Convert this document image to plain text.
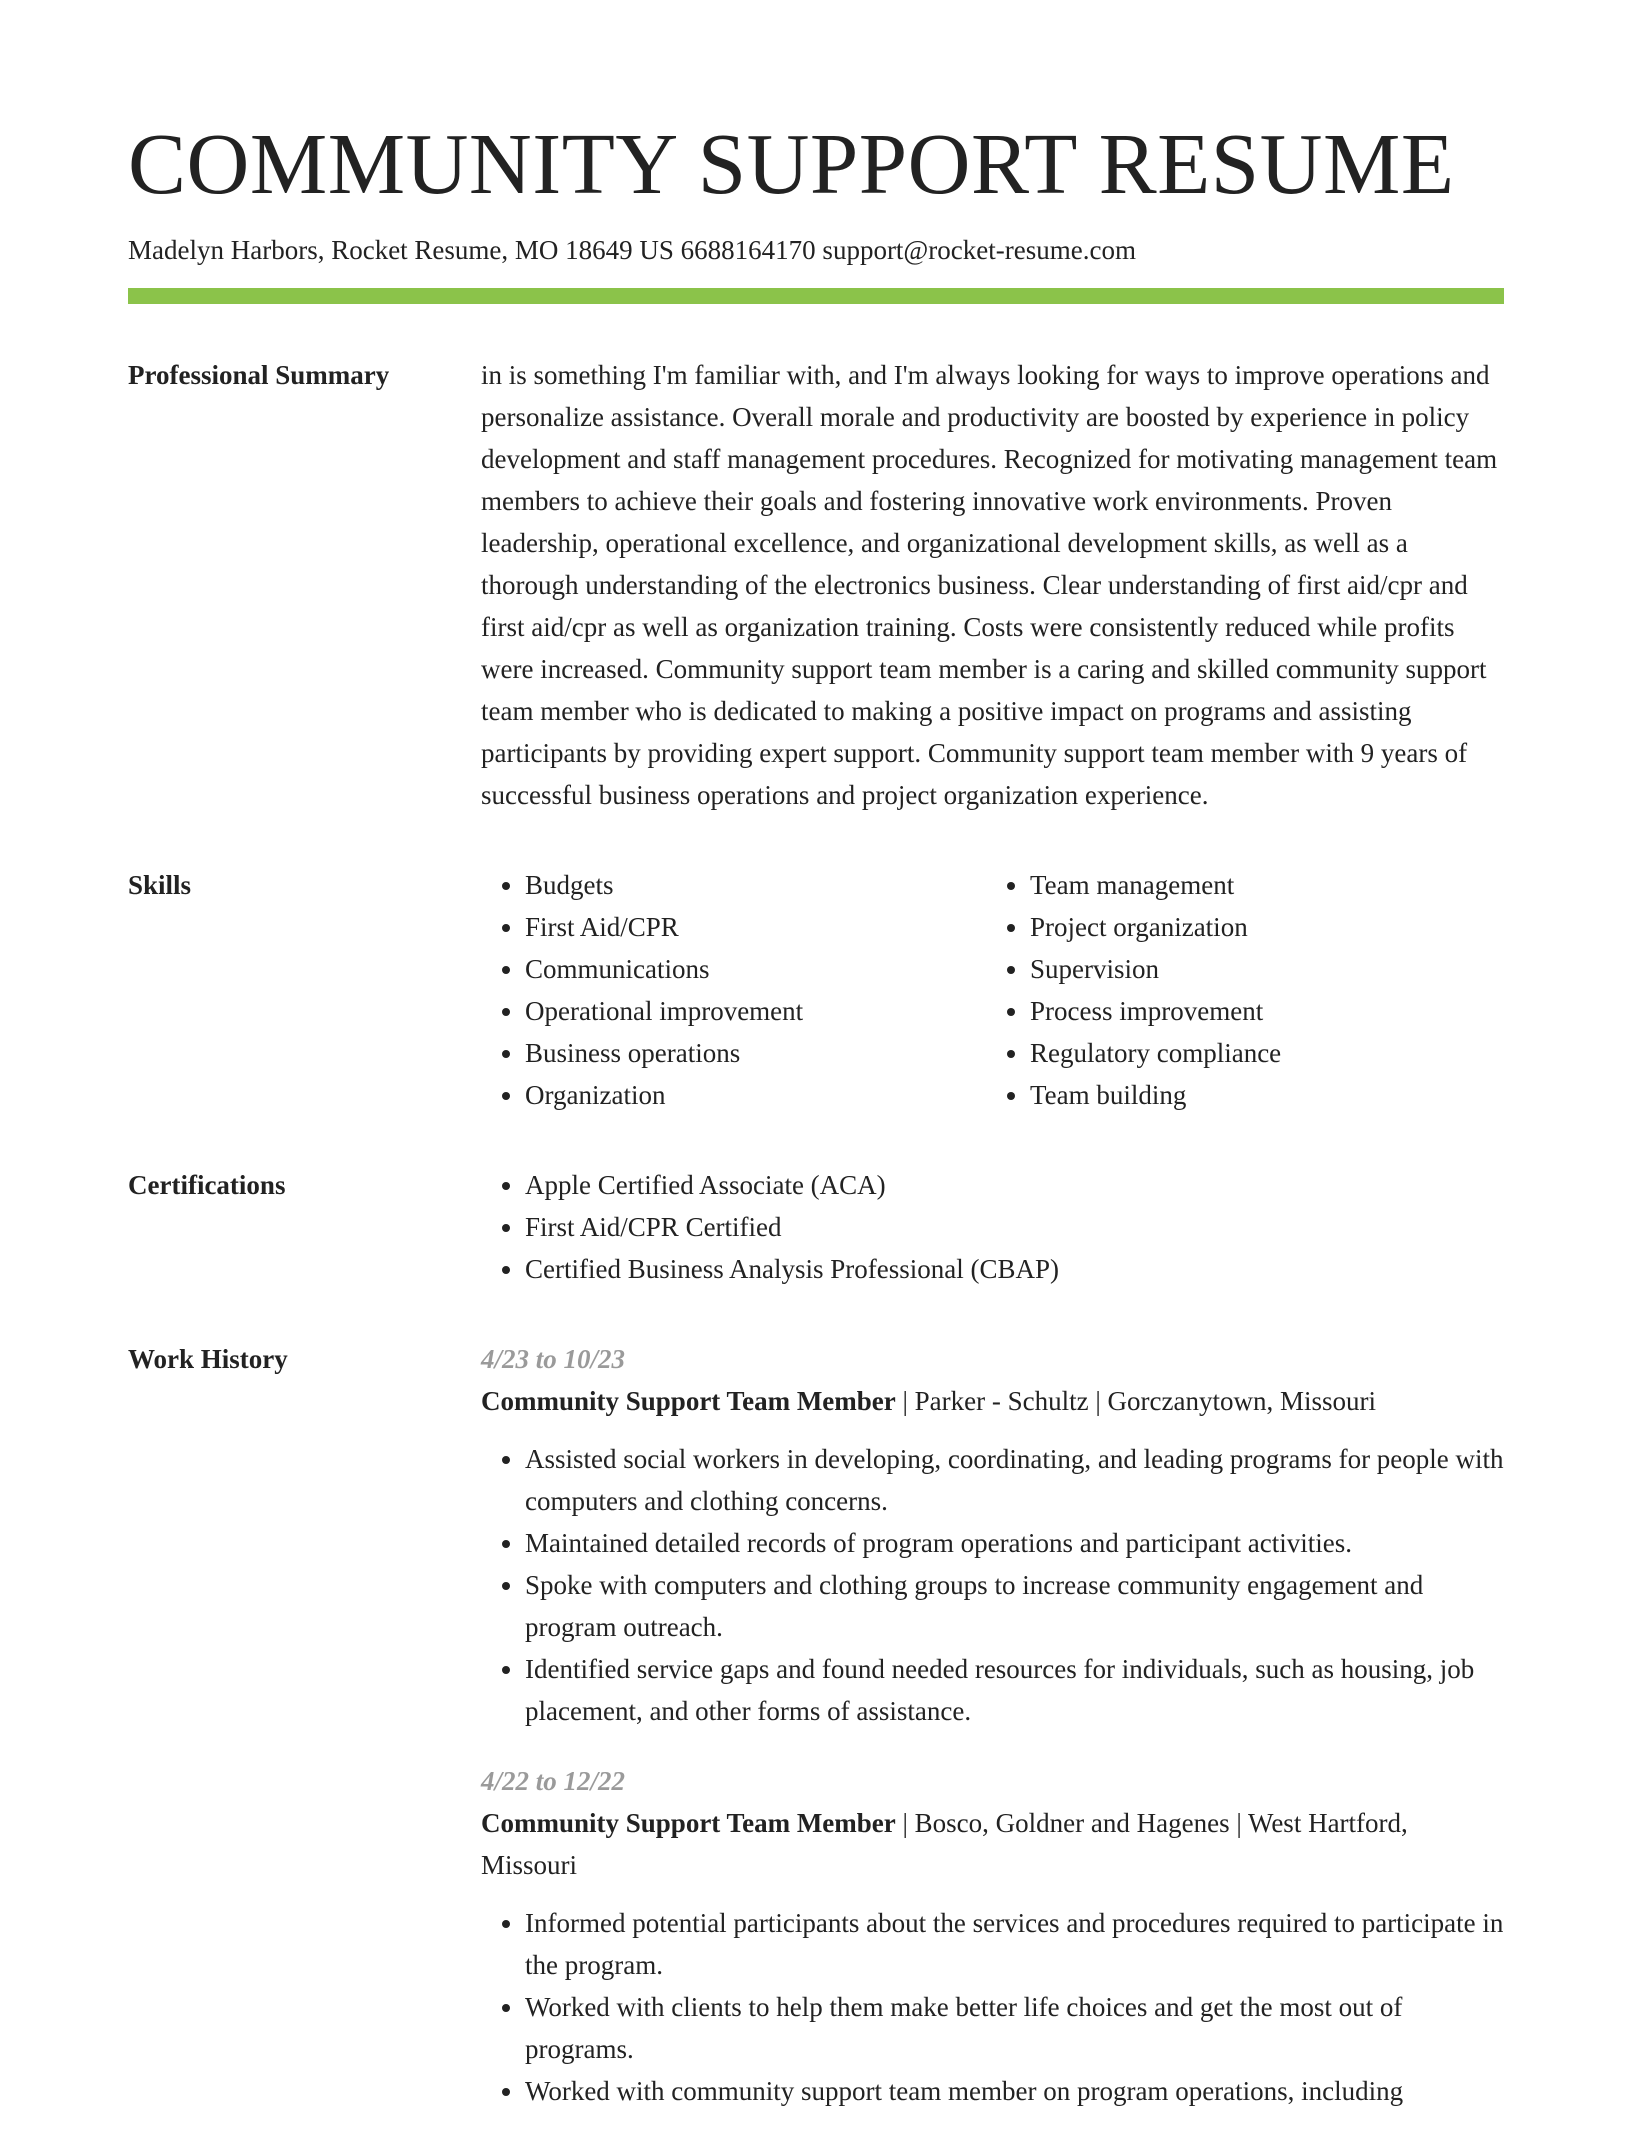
COMMUNITY SUPPORT RESUME
Madelyn Harbors, Rocket Resume, MO 18649 US 6688164170 support@rocket-resume.com
Professional Summary	in is something I'm familiar with, and I'm always looking for ways to improve operations and personalize assistance. Overall morale and productivity are boosted by experience in policy development and staff management procedures. Recognized for motivating management team members to achieve their goals and fostering innovative work environments. Proven leadership, operational excellence, and organizational development skills, as well as a thorough understanding of the electronics business. Clear understanding of first aid/cpr and first aid/cpr as well as organization training. Costs were consistently reduced while profits were increased. Community support team member is a caring and skilled community support team member who is dedicated to making a positive impact on programs and assisting participants by providing expert support. Community support team member with 9 years of successful business operations and project organization experience.
Skills	• Budgets
• First Aid/CPR
• Communications
• Operational improvement
• Business operations
• Organization
• Team management
• Project organization
• Supervision
• Process improvement
• Regulatory compliance
• Team building
Certifications	• Apple Certified Associate (ACA)
• First Aid/CPR Certified
• Certified Business Analysis Professional (CBAP)
Work History	4/23 to 10/23
Community Support Team Member | Parker - Schultz | Gorczanytown, Missouri
• Assisted social workers in developing, coordinating, and leading programs for people with computers and clothing concerns.
• Maintained detailed records of program operations and participant activities.
• Spoke with computers and clothing groups to increase community engagement and program outreach.
• Identified service gaps and found needed resources for individuals, such as housing, job placement, and other forms of assistance.
4/22 to 12/22
Community Support Team Member | Bosco, Goldner and Hagenes | West Hartford, Missouri
• Informed potential participants about the services and procedures required to participate in the program.
• Worked with clients to help them make better life choices and get the most out of programs.
• Worked with community support team member on program operations, including
